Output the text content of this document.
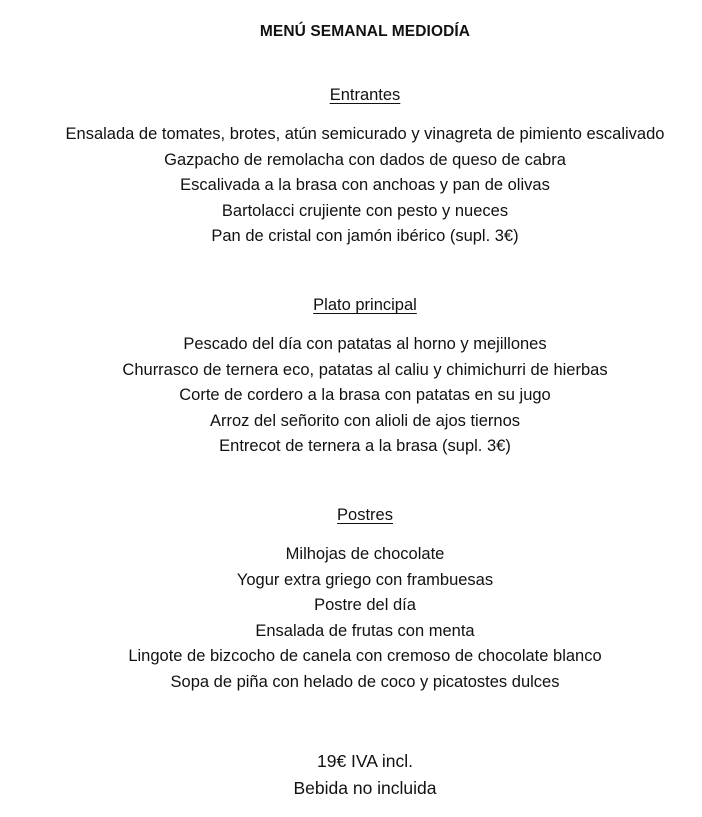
MENÚ SEMANAL MEDIODÍA
Entrantes
Ensalada de tomates, brotes, atún semicurado y vinagreta de pimiento escalivado
Gazpacho de remolacha con dados de queso de cabra
Escalivada a la brasa con anchoas y pan de olivas
Bartolacci crujiente con pesto y nueces
Pan de cristal con jamón ibérico (supl. 3€)
Plato principal
Pescado del día con patatas al horno y mejillones
Churrasco de ternera eco, patatas al caliu y chimichurri de hierbas
Corte de cordero a la brasa con patatas en su jugo
Arroz del señorito con alioli de ajos tiernos
Entrecot de ternera a la brasa (supl. 3€)
Postres
Milhojas de chocolate
Yogur extra griego con frambuesas
Postre del día
Ensalada de frutas con menta
Lingote de bizcocho de canela con cremoso de chocolate blanco
Sopa de piña con helado de coco y picatostes dulces
19€ IVA incl.
Bebida no incluida
